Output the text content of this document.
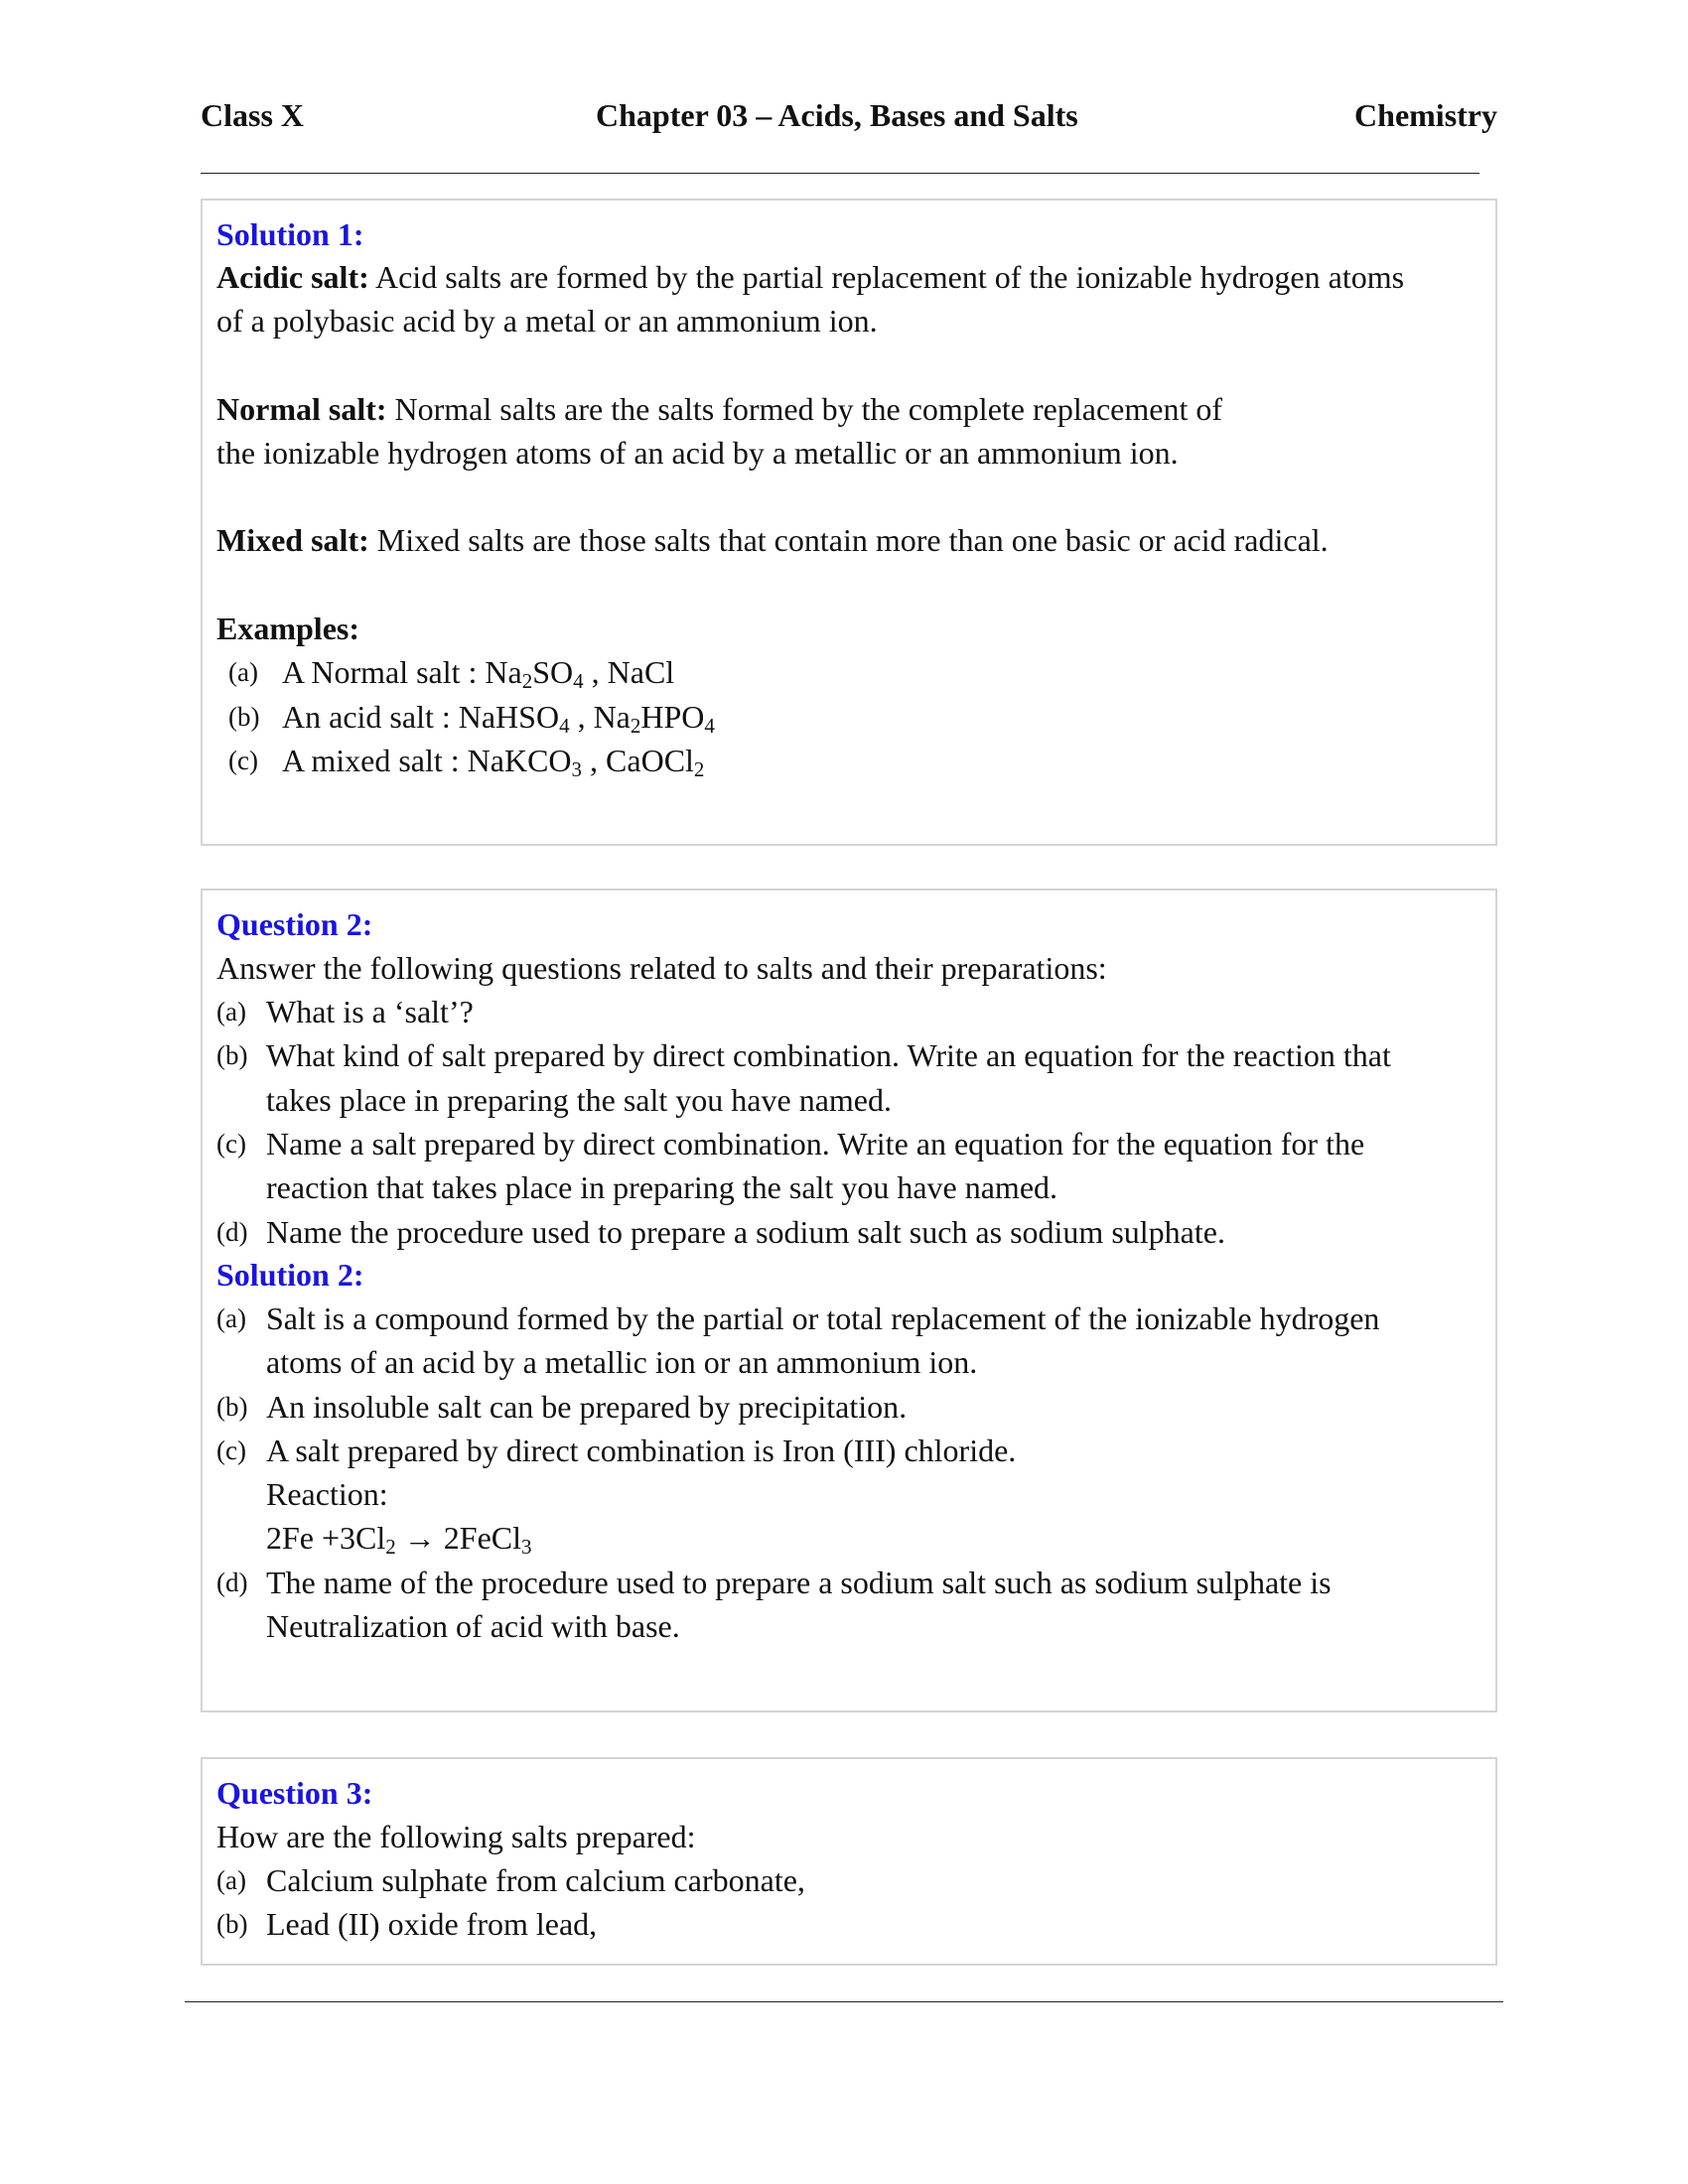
Class X	Chapter 03 – Acids, Bases and Salts	Chemistry
Solution 1:
Acidic salt: Acid salts are formed by the partial replacement of the ionizable hydrogen atoms
of a polybasic acid by a metal or an ammonium ion.
Normal salt: Normal salts are the salts formed by the complete replacement of
the ionizable hydrogen atoms of an acid by a metallic or an ammonium ion.
Mixed salt: Mixed salts are those salts that contain more than one basic or acid radical.
Examples:
(a) A Normal salt : $Na_2SO_4$ , NaCl
(b) An acid salt : NaHSO$_4$ , $Na_2HPO_4$
(c) A mixed salt : NaKCO$_3$ , CaOCl$_2$
Question 2:
Answer the following questions related to salts and their preparations:
(a) What is a ‘salt’?
(b) What kind of salt prepared by direct combination. Write an equation for the reaction that
takes place in preparing the salt you have named.
(c) Name a salt prepared by direct combination. Write an equation for the equation for the
reaction that takes place in preparing the salt you have named.
(d) Name the procedure used to prepare a sodium salt such as sodium sulphate.
Solution 2:
(a) Salt is a compound formed by the partial or total replacement of the ionizable hydrogen
atoms of an acid by a metallic ion or an ammonium ion.
(b) An insoluble salt can be prepared by precipitation.
(c) A salt prepared by direct combination is Iron (III) chloride.
Reaction:
$2Fe +3Cl_2$ → 2FeCl$_3$
(d) The name of the procedure used to prepare a sodium salt such as sodium sulphate is
Neutralization of acid with base.
Question 3:
How are the following salts prepared:
(a) Calcium sulphate from calcium carbonate,
(b) Lead (II) oxide from lead,
